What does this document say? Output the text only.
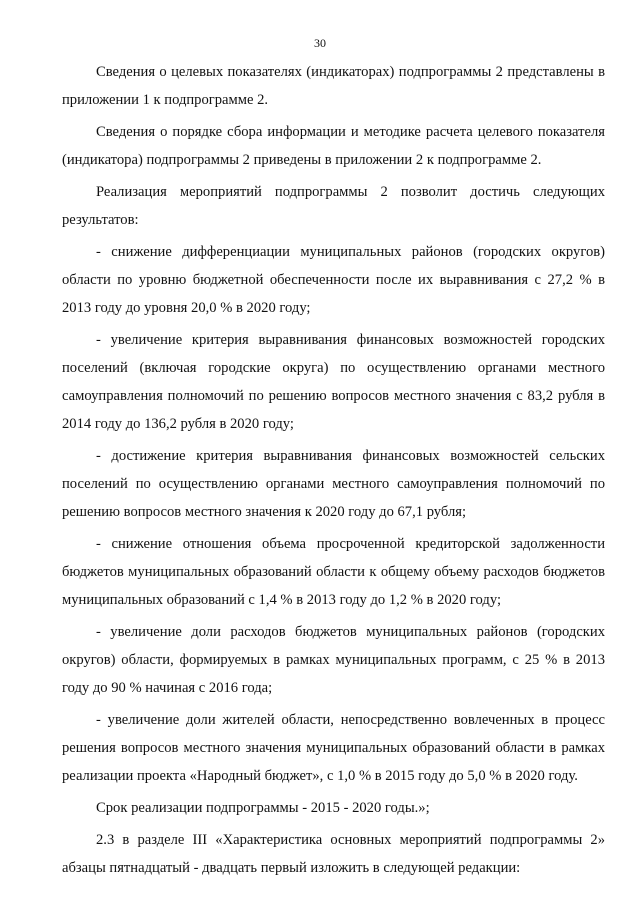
30

Сведения о целевых показателях (индикаторах) подпрограммы 2 представлены в приложении 1 к подпрограмме 2.

Сведения о порядке сбора информации и методике расчета целевого показателя (индикатора) подпрограммы 2 приведены в приложении 2 к подпрограмме 2.

Реализация мероприятий подпрограммы 2 позволит достичь следующих результатов:

- снижение дифференциации муниципальных районов (городских округов) области по уровню бюджетной обеспеченности после их выравнивания с 27,2 % в 2013 году до уровня 20,0 % в 2020 году;

- увеличение критерия выравнивания финансовых возможностей городских поселений (включая городские округа) по осуществлению органами местного самоуправления полномочий по решению вопросов местного значения с 83,2 рубля в 2014 году до 136,2 рубля в 2020 году;

- достижение критерия выравнивания финансовых возможностей сельских поселений по осуществлению органами местного самоуправления полномочий по решению вопросов местного значения к 2020 году до 67,1 рубля;

- снижение отношения объема просроченной кредиторской задолженности бюджетов муниципальных образований области к общему объему расходов бюджетов муниципальных образований с 1,4 % в 2013 году до 1,2 % в 2020 году;

- увеличение доли расходов бюджетов муниципальных районов (городских округов) области, формируемых в рамках муниципальных программ, с 25 % в 2013 году до 90 % начиная с 2016 года;

- увеличение доли жителей области, непосредственно вовлеченных в процесс решения вопросов местного значения муниципальных образований области в рамках реализации проекта «Народный бюджет», с 1,0 % в 2015 году до 5,0 % в 2020 году.

Срок реализации подпрограммы - 2015 - 2020 годы.»;

2.3 в разделе III «Характеристика основных мероприятий подпрограммы 2» абзацы пятнадцатый - двадцать первый изложить в следующей редакции:
